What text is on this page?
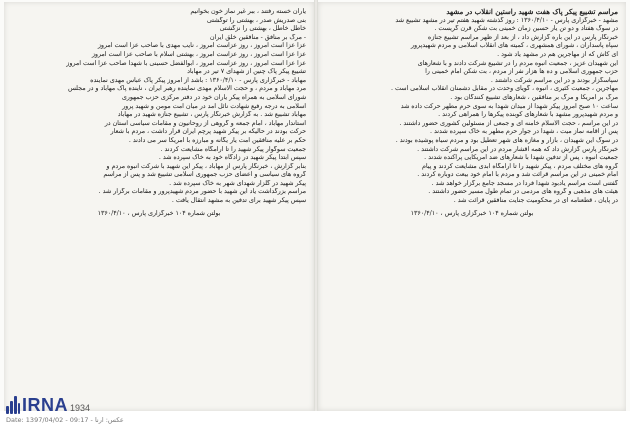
یاران خسته رفتند ، ببر غیر نماز خون بخوانیم
بنی صدریش صدر ، بهشتی را توگشتی
خاطل خاطل ، بهشتی را نزگشتی
- مرگ بر منافق - منافقین خلق ایران
عزا عزا است امروز ، روز عزاست امروز ، نایب مهدی با صاحب عزا است امروز
عزا عزا است امروز ، روز عزاست امروز ، بهشتی اسلام با صاحب عزا است امروز
عزا عزا است امروز ، روز عزاست امروز ، ابوالفضل حسینی با شهدا صاحب عزا است امروز
تشییع پیکر پاک چنین از شهدای ۷ تیر در مهاباد
مهاباد - خبرگزاری پارس - ۱۳۶۰/۴/۱۰ : باشد از امروز پیکر پاک عباس مهدی نماینده
مرد مهاباد و مردم ، و حجت الاسلام مهدی نماینده رهبر ایران ، ناینده پاک مهاباد و در مجلس
شورای اسلامی به همراه پیکر یاران خود در دفتر مرکزی حزب جمهوری
اسلامی به درجه رفیع شهادت نائل آمد در میان امت مومن و شهید پرور
مهاباد تشییع شد . به گزارش خبرنگار پارس ، تشییع جنازه شهید در مهاباد
استاندار مهاباد ، امام جمعه و گروهی از روحانیون و مقامات سیاسی استان در
حرکت بودند در حالیکه بر پیکر شهید پرچم ایران قرار داشت ، مردم با شعار
حکم بر علیه منافقین امت یار یگانه و مبارزه با آمریکا سر می دادند .
جمعیت سوگوار پیکر شهید را تا آرامگاه مشایعت کردند .
سپس ابتدا پیکر شهید در زادگاه خود به خاک سپرده شد .
بنابر گزارش ، خبرنگار پارس از مهاباد ، پیکر این شهید با شرکت انبوه مردم و
گروه های سیاسی و اعضای حزب جمهوری اسلامی تشییع شد و پس از مراسم
پیکر شهید در گلزار شهدای شهر به خاک سپرده شد .
مراسم بزرگداشت یاد این شهید با حضور مردم شهیدپرور و مقامات برگزار شد .
سپس پیکر شهید برای تدفین به مشهد انتقال یافت .
بولتن شماره ۱۰۴ خبرگزاری پارس ، ۱۳۶۰/۴/۱۰
مراسم تشییع پیکر پاک هفت شهید راستین انقلاب در مشهد
مشهد - خبرگزاری پارس - ۱۳۶۰/۴/۱۰ : روز گذشته شهید هفتم تیر در مشهد تشییع شد
در سوگ هفتاد و دو تن یار حسین زمان خمینی بت شکن قرن گریست .
خبرنگار پارس در این باره گزارش داد ، از بعد از ظهر مراسم تشییع جنازه
سپاه پاسداران ، شورای همشهری ، کمیته های انقلاب اسلامی و مردم شهیدپرور
ای کاش که از مهاجرین هم در مشهد یاد شود .
این شهیدان عزیز ، جمعیت انبوه مردم را در تشییع شرکت دادند و با شعارهای
حزب جمهوری اسلامی و ده ها هزار نفر از مردم ، بت شکن امام خمینی را
سپاسگزار بودند و در این مراسم شرکت داشتند .
مهاجرین ، جمعیت کثیری ، انبوه ، گویای وحدت در مقابل دشمنان انقلاب اسلامی است .
مرگ بر آمریکا و مرگ بر منافقین ، شعارهای تشییع کنندگان بود .
ساعت ۱۰ صبح امروز پیکر شهدا از میدان شهدا به سوی حرم مطهر حرکت داده شد
و مردم شهیدپرور مشهد با شعارهای کوبنده پیکرها را همراهی کردند .
در این مراسم ، حجت الاسلام خامنه ای و جمعی از مسئولین کشوری حضور داشتند .
پس از اقامه نماز میت ، شهدا در جوار حرم مطهر به خاک سپرده شدند .
در سوگ این شهیدان ، بازار و مغازه های شهر تعطیل بود و مردم سیاه پوشیده بودند .
خبرنگار پارس گزارش داد که همه اقشار مردم در این مراسم شرکت داشتند .
جمعیت انبوه ، پس از تدفین شهدا با شعارهای ضد آمریکایی پراکنده شدند .
گروه های مختلف مردم ، پیکر شهید را تا آرامگاه ابدی مشایعت کردند و پیام
امام خمینی در این مراسم قرائت شد و مردم با امام خود بیعت دوباره کردند .
گفتنی است مراسم یادبود شهدا فردا در مسجد جامع برگزار خواهد شد .
هیئت های مذهبی و گروه های مردمی در تمام طول مسیر حضور داشتند .
در پایان ، قطعنامه ای در محکومیت جنایت منافقین قرائت شد .
بولتن شماره ۱۰۴ خبرگزاری پارس ، ۱۳۶۰/۴/۱۰
IRNA 1934
عکس: ارنا - Date: 1397/04/02 - 09:17
